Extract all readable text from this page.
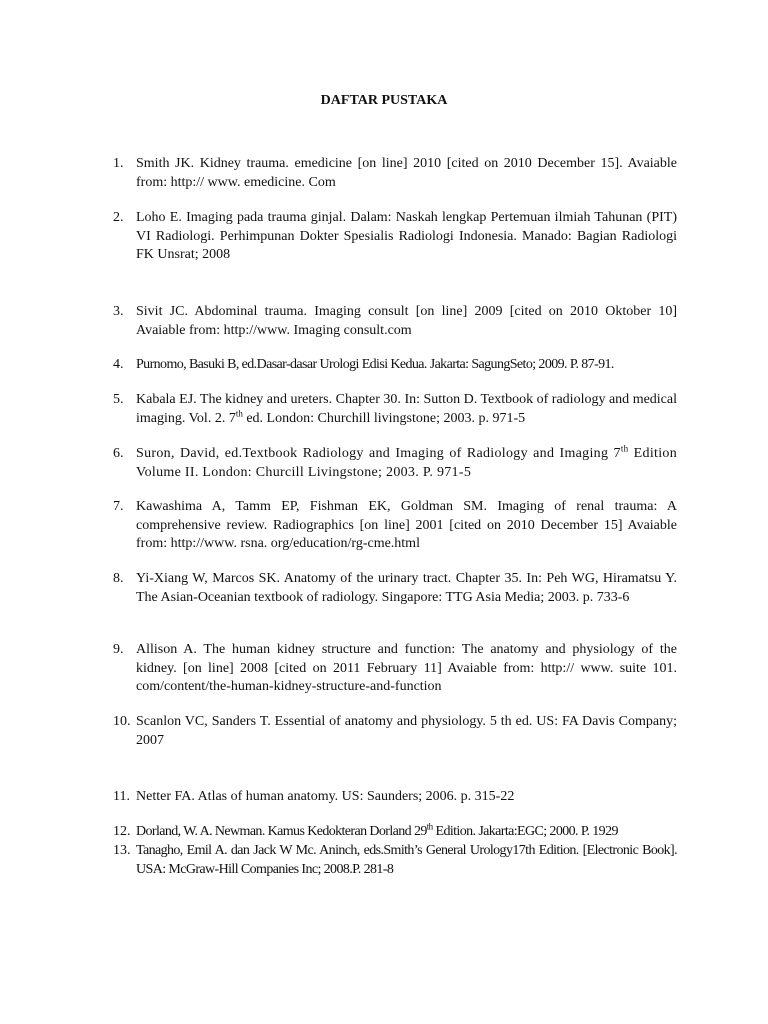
DAFTAR PUSTAKA
1. Smith JK. Kidney trauma. emedicine [on line] 2010 [cited on 2010 December 15]. Avaiable from: http:// www. emedicine. Com
2. Loho E. Imaging pada trauma ginjal. Dalam: Naskah lengkap Pertemuan ilmiah Tahunan (PIT) VI Radiologi. Perhimpunan Dokter Spesialis Radiologi Indonesia. Manado: Bagian Radiologi FK Unsrat; 2008
3. Sivit JC. Abdominal trauma. Imaging consult [on line] 2009 [cited on 2010 Oktober 10] Avaiable from: http://www. Imaging consult.com
4. Purnomo, Basuki B, ed.Dasar-dasar Urologi Edisi Kedua. Jakarta: SagungSeto; 2009. P. 87-91.
5. Kabala EJ. The kidney and ureters. Chapter 30. In: Sutton D. Textbook of radiology and medical imaging. Vol. 2. 7th ed. London: Churchill livingstone; 2003. p. 971-5
6. Suron, David, ed.Textbook Radiology and Imaging of Radiology and Imaging 7th Edition Volume II. London: Churcill Livingstone; 2003. P. 971-5
7. Kawashima A, Tamm EP, Fishman EK, Goldman SM. Imaging of renal trauma: A comprehensive review. Radiographics [on line] 2001 [cited on 2010 December 15] Avaiable from: http://www. rsna. org/education/rg-cme.html
8. Yi-Xiang W, Marcos SK. Anatomy of the urinary tract. Chapter 35. In: Peh WG, Hiramatsu Y. The Asian-Oceanian textbook of radiology. Singapore: TTG Asia Media; 2003. p. 733-6
9. Allison A. The human kidney structure and function: The anatomy and physiology of the kidney. [on line] 2008 [cited on 2011 February 11] Avaiable from: http:// www. suite 101. com/content/the-human-kidney-structure-and-function
10. Scanlon VC, Sanders T. Essential of anatomy and physiology. 5 th ed. US: FA Davis Company; 2007
11. Netter FA. Atlas of human anatomy. US: Saunders; 2006. p. 315-22
12. Dorland, W. A. Newman. Kamus Kedokteran Dorland 29th Edition. Jakarta:EGC; 2000. P. 1929
13. Tanagho, Emil A. dan Jack W Mc. Aninch, eds.Smith’s General Urology17th Edition. [Electronic Book]. USA: McGraw-Hill Companies Inc; 2008.P. 281-8
